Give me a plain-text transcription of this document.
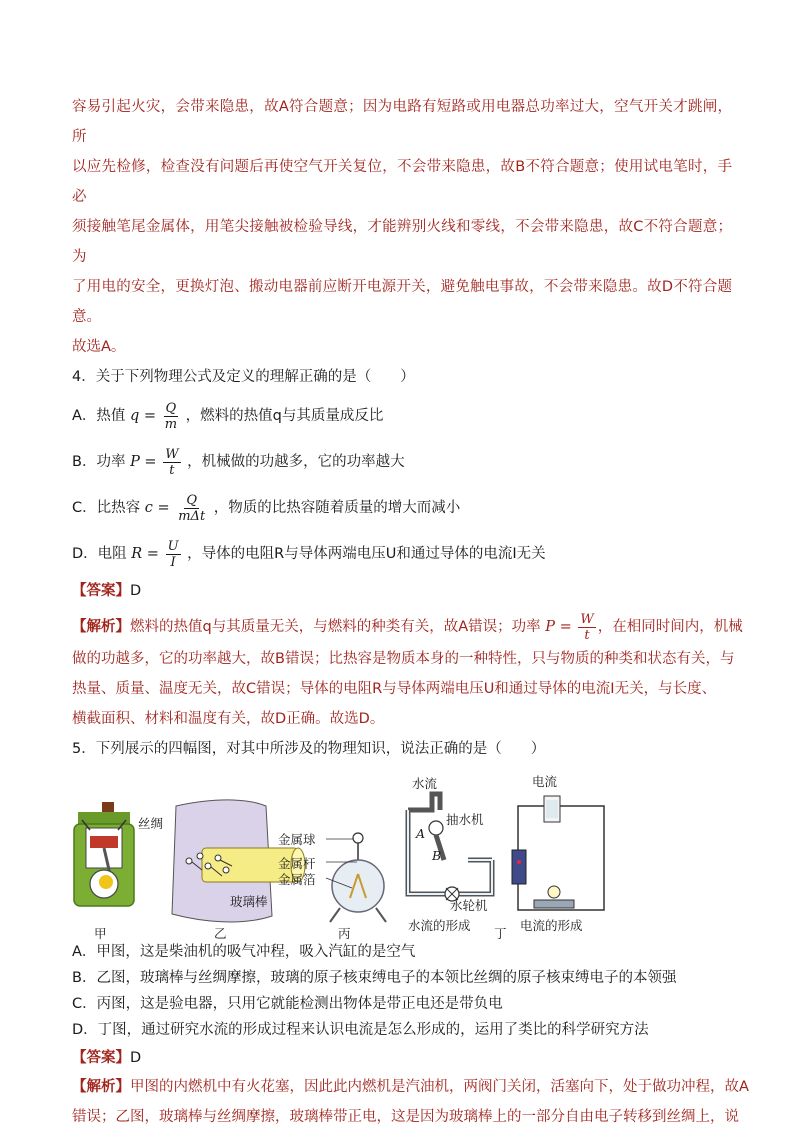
容易引起火灾，会带来隐患，故A符合题意；因为电路有短路或用电器总功率过大，空气开关才跳闸，所

以应先检修，检查没有问题后再使空气开关复位，不会带来隐患，故B不符合题意；使用试电笔时，手必

须接触笔尾金属体，用笔尖接触被检验导线，才能辨别火线和零线，不会带来隐患，故C不符合题意；为

了用电的安全，更换灯泡、搬动电器前应断开电源开关，避免触电事故，不会带来隐患。故D不符合题意。

故选A。

4．关于下列物理公式及定义的理解正确的是（　　）

A．热值 $q = \frac{Q}{m}$ ，燃料的热值q与其质量成反比

B．功率 $P = \frac{W}{t}$ ，机械做的功越多，它的功率越大

C．比热容 $c = \frac{Q}{\text{mΔt}}$ ，物质的比热容随着质量的增大而减小

D．电阻 $R = \frac{U}{I}$ ，导体的电阻R与导体两端电压U和通过导体的电流I无关

【答案】D

【解析】燃料的热值q与其质量无关，与燃料的种类有关，故A错误；功率 $P = \frac{W}{t}$ ，在相同时间内，机械

做的功越多，它的功率越大，故B错误；比热容是物质本身的一种特性，只与物质的种类和状态有关，与

热量、质量、温度无关，故C错误；导体的电阻R与导体两端电压U和通过导体的电流I无关，与长度、

横截面积、材料和温度有关，故D正确。故选D。

5．下列展示的四幅图，对其中所涉及的物理知识，说法正确的是（　　）

丝绸
玻璃棒
金属球
金属杆
金属箔
水流
抽水机
A
B
水轮机
水流的形成
电流
电流的形成
甲	乙	丙	丁

A．甲图，这是柴油机的吸气冲程，吸入汽缸的是空气

B．乙图，玻璃棒与丝绸摩擦，玻璃的原子核束缚电子的本领比丝绸的原子核束缚电子的本领强

C．丙图，这是验电器，只用它就能检测出物体是带正电还是带负电

D．丁图，通过研究水流的形成过程来认识电流是怎么形成的，运用了类比的科学研究方法

【答案】D

【解析】甲图的内燃机中有火花塞，因此此内燃机是汽油机，两阀门关闭，活塞向下，处于做功冲程，故A

错误；乙图，玻璃棒与丝绸摩擦，玻璃棒带正电，这是因为玻璃棒上的一部分自由电子转移到丝绸上，说
